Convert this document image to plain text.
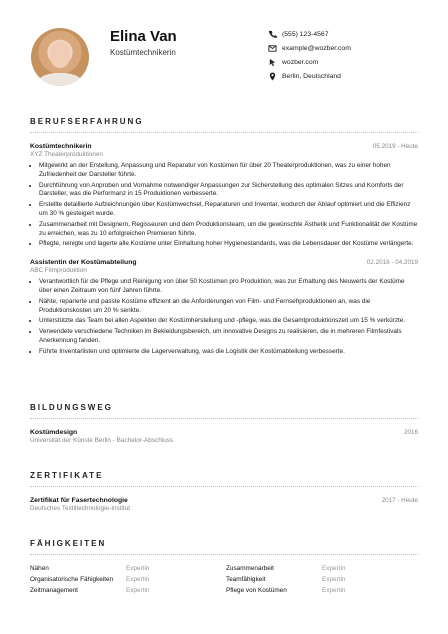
Elina Van
Kostümtechnikerin
(555) 123-4567
example@wozber.com
wozber.com
Berlin, Deutschland
BERUFSERFAHRUNG
Kostümtechnikerin	05.2019 - Heute
XYZ Theaterproduktionen
• Mitgewirkt an der Erstellung, Anpassung und Reparatur von Kostümen für über 20 Theaterproduktionen, was zu einer hohen Zufriedenheit der Darsteller führte.
• Durchführung von Anproben und Vornahme notwendiger Anpassungen zur Sicherstellung des optimalen Sitzes und Komforts der Darsteller, was die Performanz in 15 Produktionen verbesserte.
• Erstellte detaillierte Aufzeichnungen über Kostümwechsel, Reparaturen und Inventar, wodurch der Ablauf optimiert und die Effizienz um 30 % gesteigert wurde.
• Zusammenarbeit mit Designern, Regisseuren und dem Produktionsteam, um die gewünschte Ästhetik und Funktionalität der Kostüme zu erreichen, was zu 10 erfolgreichen Premieren führte.
• Pflegte, reinigte und lagerte alle Kostüme unter Einhaltung hoher Hygienestandards, was die Lebensdauer der Kostüme verlängerte.
Assistentin der Kostümabteilung	02.2016 - 04.2019
ABC Filmproduktion
• Verantwortlich für die Pflege und Reinigung von über 50 Kostümen pro Produktion, was zur Erhaltung des Neuwerts der Kostüme über einen Zeitraum von fünf Jahren führte.
• Nähte, reparierte und passte Kostüme effizient an die Anforderungen von Film- und Fernsehproduktionen an, was die Produktionskosten um 20 % senkte.
• Unterstützte das Team bei allen Aspekten der Kostümherstellung und -pflege, was die Gesamtproduktionszeit um 15 % verkürzte.
• Verwendete verschiedene Techniken im Bekleidungsbereich, um innovative Designs zu realisieren, die in mehreren Filmfestivals Anerkennung fanden.
• Führte Inventarlisten und optimierte die Lagerverwaltung, was die Logistik der Kostümabteilung verbesserte.
BILDUNGSWEG
Kostümdesign	2016
Universität der Künste Berlin - Bachelor-Abschluss
ZERTIFIKATE
Zertifikat für Fasertechnologie	2017 - Heute
Deutsches Textiltechnologie-Institut
FÄHIGKEITEN
Nähen	Expertin	Zusammenarbeit	Expertin
Organisatorische Fähigkeiten	Expertin	Teamfähigkeit	Expertin
Zeitmanagement	Expertin	Pflege von Kostümen	Expertin
